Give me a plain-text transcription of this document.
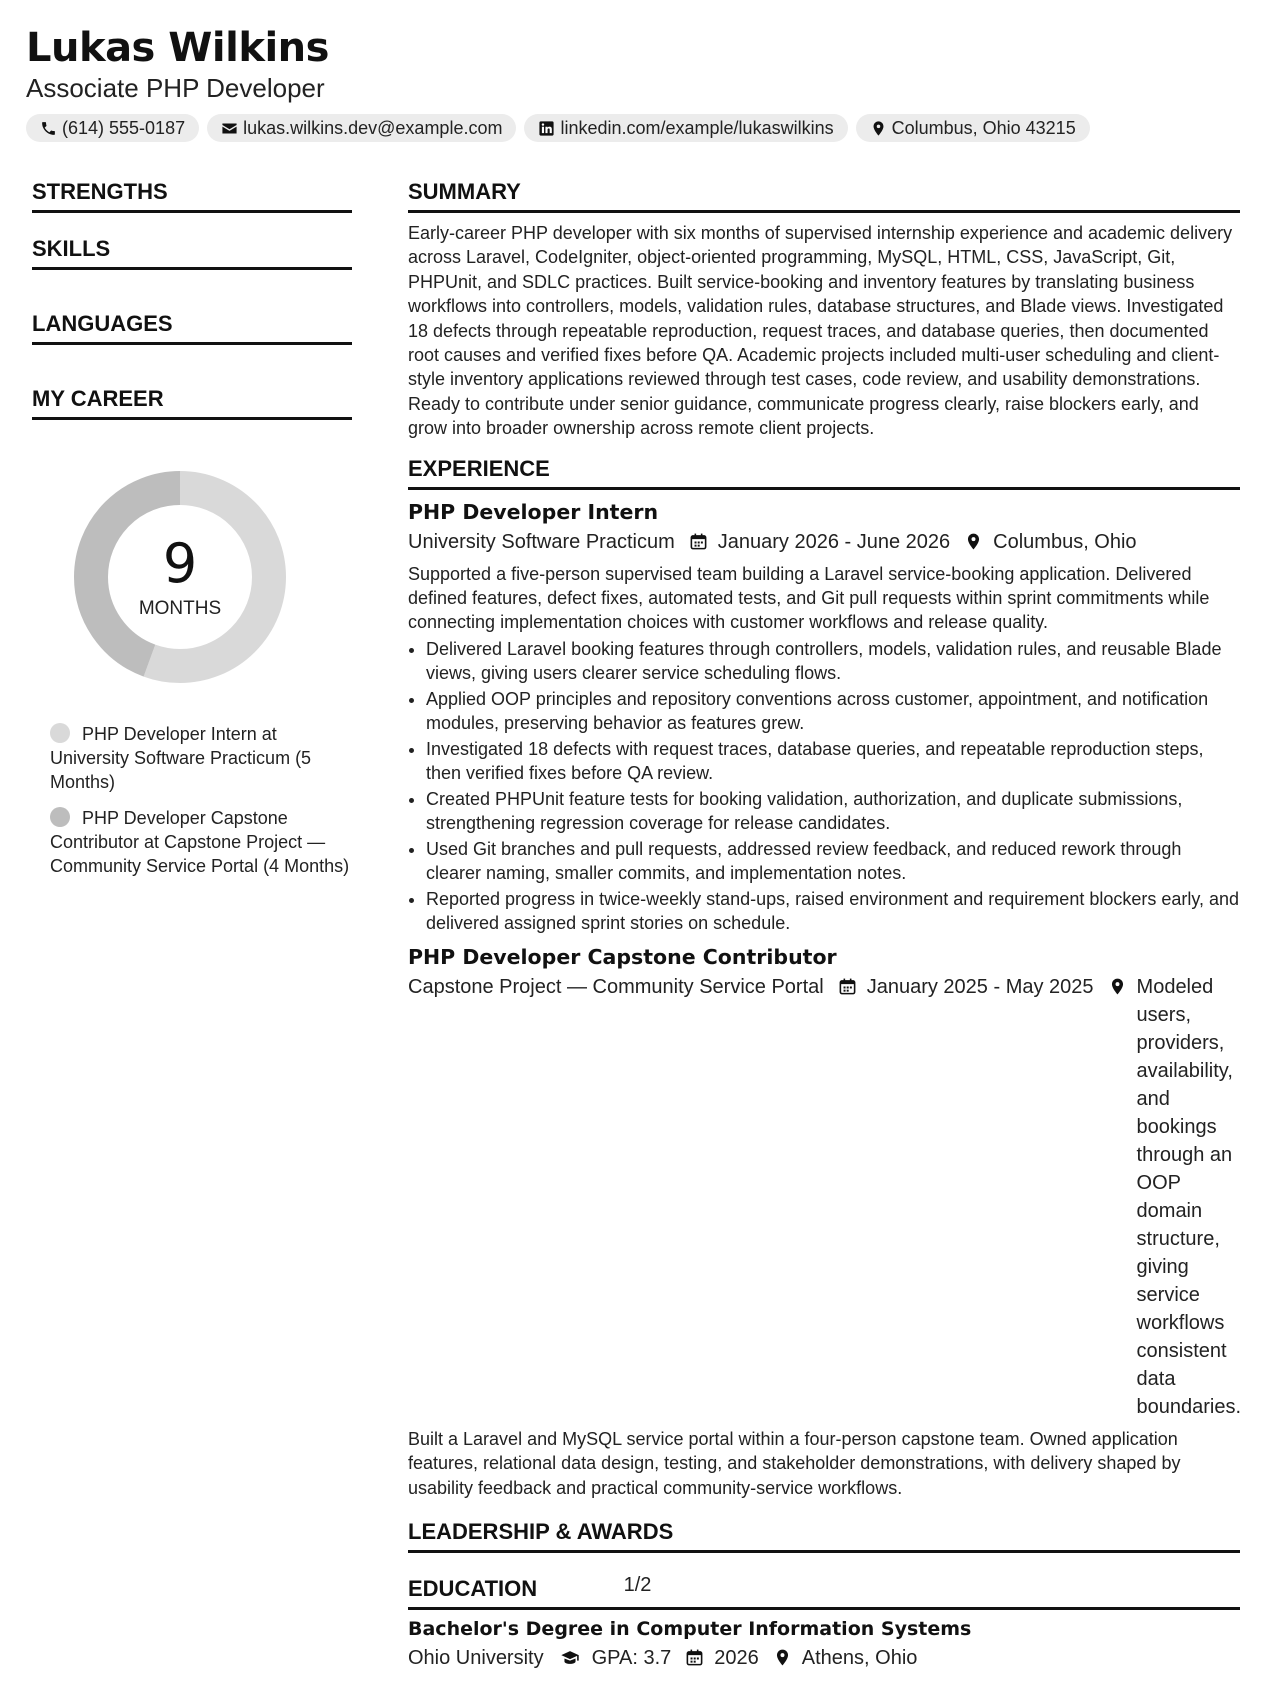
Lukas Wilkins
Associate PHP Developer
(614) 555-0187	lukas.wilkins.dev@example.com	linkedin.com/example/lukaswilkins	Columbus, Ohio 43215
STRENGTHS
SKILLS
LANGUAGES
MY CAREER
9
MONTHS
PHP Developer Intern at University Software Practicum (5 Months)
PHP Developer Capstone Contributor at Capstone Project — Community Service Portal (4 Months)
SUMMARY

Early-career PHP developer with six months of supervised internship experience and academic delivery across Laravel, CodeIgniter, object-oriented programming, MySQL, HTML, CSS, JavaScript, Git, PHPUnit, and SDLC practices. Built service-booking and inventory features by translating business workflows into controllers, models, validation rules, database structures, and Blade views. Investigated 18 defects through repeatable reproduction, request traces, and database queries, then documented root causes and verified fixes before QA. Academic projects included multi-user scheduling and client-style inventory applications reviewed through test cases, code review, and usability demonstrations. Ready to contribute under senior guidance, communicate progress clearly, raise blockers early, and grow into broader ownership across remote client projects.

EXPERIENCE
PHP Developer Intern
University Software Practicum January 2026 - June 2026 Columbus, Ohio

Supported a five-person supervised team building a Laravel service-booking application. Delivered defined features, defect fixes, automated tests, and Git pull requests within sprint commitments while connecting implementation choices with customer workflows and release quality.

• Delivered Laravel booking features through controllers, models, validation rules, and reusable Blade views, giving users clearer service scheduling flows.
• Applied OOP principles and repository conventions across customer, appointment, and notification modules, preserving behavior as features grew.
• Investigated 18 defects with request traces, database queries, and repeatable reproduction steps, then verified fixes before QA review.
• Created PHPUnit feature tests for booking validation, authorization, and duplicate submissions, strengthening regression coverage for release candidates.
• Used Git branches and pull requests, addressed review feedback, and reduced rework through clearer naming, smaller commits, and implementation notes.
• Reported progress in twice-weekly stand-ups, raised environment and requirement blockers early, and delivered assigned sprint stories on schedule.
PHP Developer Capstone Contributor
Capstone Project — Community Service Portal January 2025 - May 2025 Modeled users, providers, availability, and bookings through an OOP domain structure, giving service workflows consistent data boundaries.

Built a Laravel and MySQL service portal within a four-person capstone team. Owned application features, relational data design, testing, and stakeholder demonstrations, with delivery shaped by usability feedback and practical community-service workflows.

LEADERSHIP & AWARDS
EDUCATION
Bachelor's Degree in Computer Information Systems
Ohio University GPA: 3.7 2026 Athens, Ohio
1/2
